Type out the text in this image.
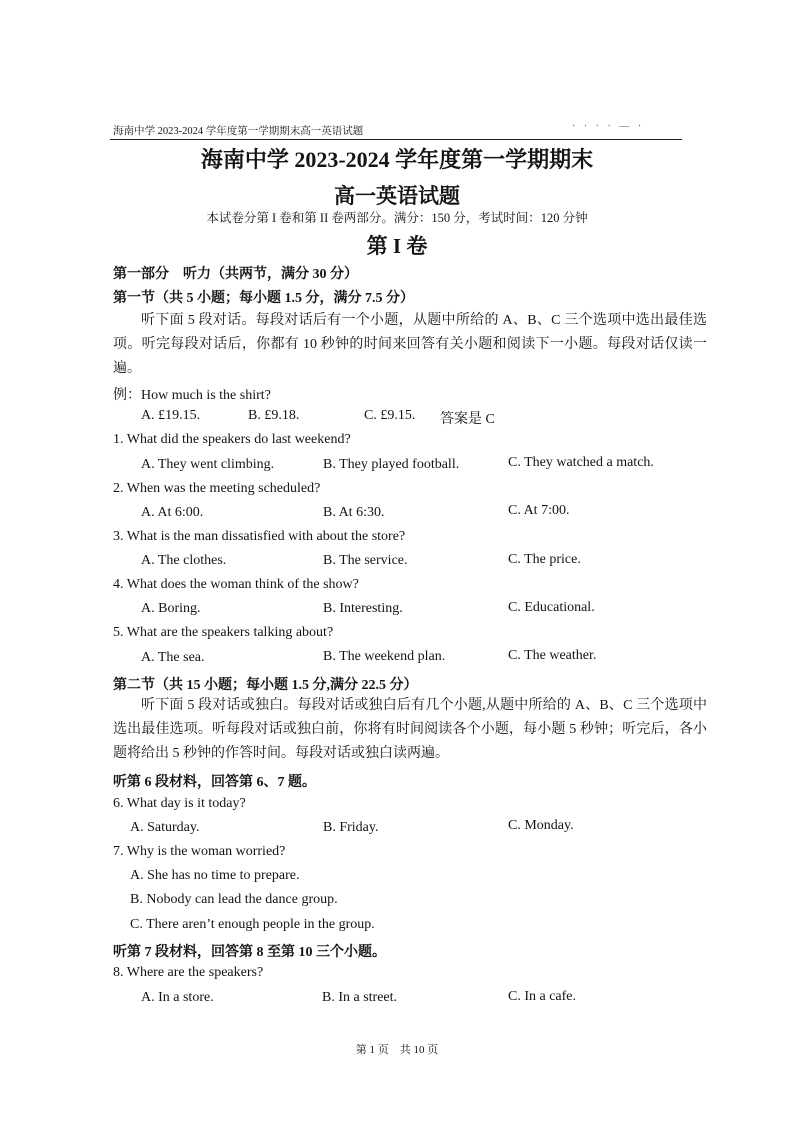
海南中学 2023-2024 学年度第一学期期末高一英语试题	· · · · — ·
海南中学 2023-2024 学年度第一学期期末
高一英语试题
本试卷分第 I 卷和第 II 卷两部分。满分：150 分，考试时间：120 分钟
第 I 卷
第一部分　听力（共两节，满分 30 分）
第一节（共 5 小题；每小题 1.5 分，满分 7.5 分）
听下面 5 段对话。每段对话后有一个小题，从题中所给的 A、B、C 三个选项中选出最佳选项。听完每段对话后，你都有 10 秒钟的时间来回答有关小题和阅读下一小题。每段对话仅读一遍。
例：How much is the shirt?
A. £19.15.	B. £9.18.	C. £9.15. 答案是 C
1. What did the speakers do last weekend?
A. They went climbing.	B. They played football.	C. They watched a match.
2. When was the meeting scheduled?
A. At 6:00.	B. At 6:30.	C. At 7:00.
3. What is the man dissatisfied with about the store?
A. The clothes.	B. The service.	C. The price.
4. What does the woman think of the show?
A. Boring.	B. Interesting.	C. Educational.
5. What are the speakers talking about?
A. The sea.	B. The weekend plan.	C. The weather.
第二节（共 15 小题；每小题 1.5 分,满分 22.5 分）
听下面 5 段对话或独白。每段对话或独白后有几个小题,从题中所给的 A、B、C 三个选项中选出最佳选项。听每段对话或独白前，你将有时间阅读各个小题，每小题 5 秒钟；听完后，各小题将给出 5 秒钟的作答时间。每段对话或独白读两遍。
听第 6 段材料，回答第 6、7 题。
6. What day is it today?
A. Saturday.	B. Friday.	C. Monday.
7. Why is the woman worried?
A. She has no time to prepare.
B. Nobody can lead the dance group.
C. There aren’t enough people in the group.
听第 7 段材料，回答第 8 至第 10 三个小题。
8. Where are the speakers?
A. In a store.	B. In a street.	C. In a cafe.
第 1 页　共 10 页
